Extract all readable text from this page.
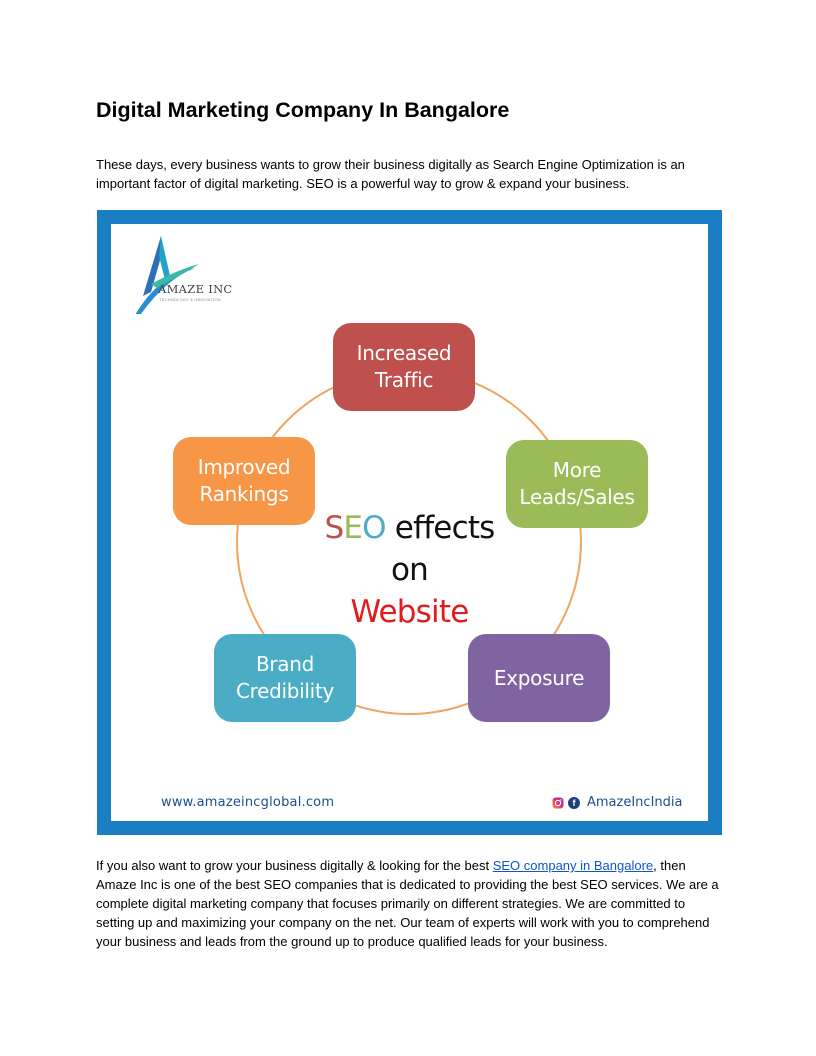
Digital Marketing Company In Bangalore

These days, every business wants to grow their business digitally as Search Engine Optimization is an important factor of digital marketing. SEO is a powerful way to grow & expand your business.

AMAZE INC
TECHNOLOGY & INNOVATION
Increased
Traffic
More
Leads/Sales
Improved
Rankings
Brand
Credibility
Exposure
SEO effects
on
Website
www.amazeincglobal.com	f AmazeIncIndia

If you also want to grow your business digitally & looking for the best SEO company in Bangalore, then Amaze Inc is one of the best SEO companies that is dedicated to providing the best SEO services. We are a complete digital marketing company that focuses primarily on different strategies. We are committed to setting up and maximizing your company on the net. Our team of experts will work with you to comprehend your business and leads from the ground up to produce qualified leads for your business.
